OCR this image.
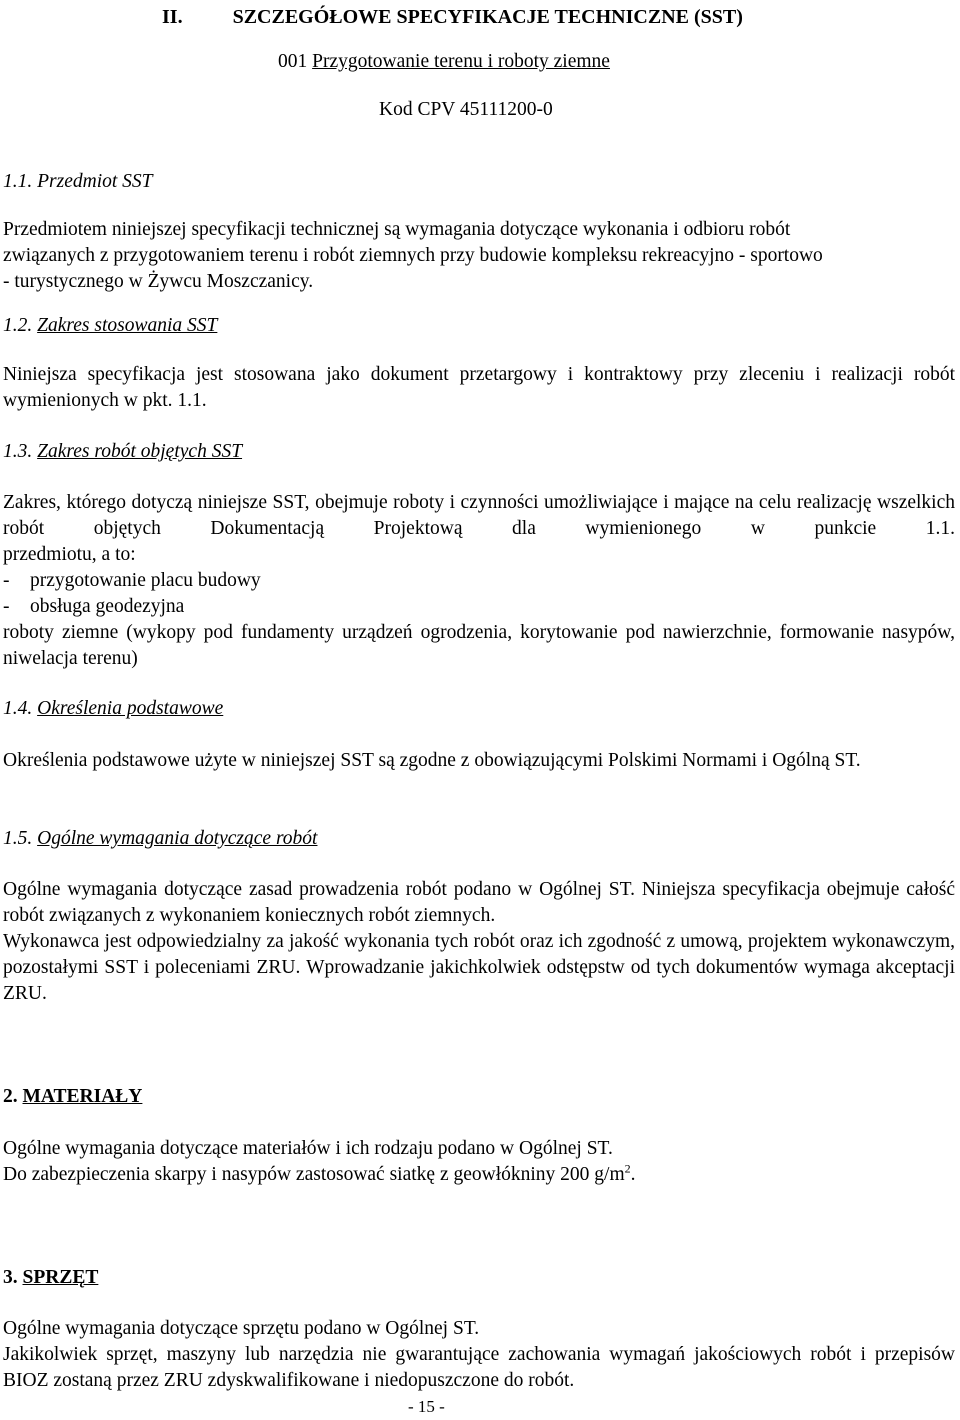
II.	SZCZEGÓŁOWE SPECYFIKACJE TECHNICZNE (SST)
001 Przygotowanie terenu i roboty ziemne
Kod CPV 45111200-0
1.1. Przedmiot SST
Przedmiotem niniejszej specyfikacji technicznej są wymagania dotyczące wykonania i odbioru robót
związanych z przygotowaniem terenu i robót ziemnych przy budowie kompleksu rekreacyjno - sportowo
- turystycznego w Żywcu Moszczanicy.
1.2. Zakres stosowania SST

Niniejsza specyfikacja jest stosowana jako dokument przetargowy i kontraktowy przy zleceniu i realizacji robót wymienionych w pkt. 1.1.

1.3. Zakres robót objętych SST

Zakres, którego dotyczą niniejsze SST, obejmuje roboty i czynności umożliwiające i mające na celu realizację wszelkich robót objętych Dokumentacją Projektową dla wymienionego w punkcie 1.1.

przedmiotu, a to:
- przygotowanie placu budowy
- obsługa geodezyjna
roboty ziemne (wykopy pod fundamenty urządzeń ogrodzenia, korytowanie pod nawierzchnie, formowanie nasypów, niwelacja terenu)
1.4. Określenia podstawowe

Określenia podstawowe użyte w niniejszej SST są zgodne z obowiązującymi Polskimi Normami i Ogólną ST.

1.5. Ogólne wymagania dotyczące robót

Ogólne wymagania dotyczące zasad prowadzenia robót podano w Ogólnej ST. Niniejsza specyfikacja obejmuje całość robót związanych z wykonaniem koniecznych robót ziemnych.

Wykonawca jest odpowiedzialny za jakość wykonania tych robót oraz ich zgodność z umową, projektem wykonawczym, pozostałymi SST i poleceniami ZRU. Wprowadzanie jakichkolwiek odstępstw od tych dokumentów wymaga akceptacji ZRU.

2. MATERIAŁY
Ogólne wymagania dotyczące materiałów i ich rodzaju podano w Ogólnej ST.
Do zabezpieczenia skarpy i nasypów zastosować siatkę z geowłókniny 200 $g/m^2$.
3. SPRZĘT
Ogólne wymagania dotyczące sprzętu podano w Ogólnej ST.

Jakikolwiek sprzęt, maszyny lub narzędzia nie gwarantujące zachowania wymagań jakościowych robót i przepisów BIOZ zostaną przez ZRU zdyskwalifikowane i niedopuszczone do robót.

- 15 -
